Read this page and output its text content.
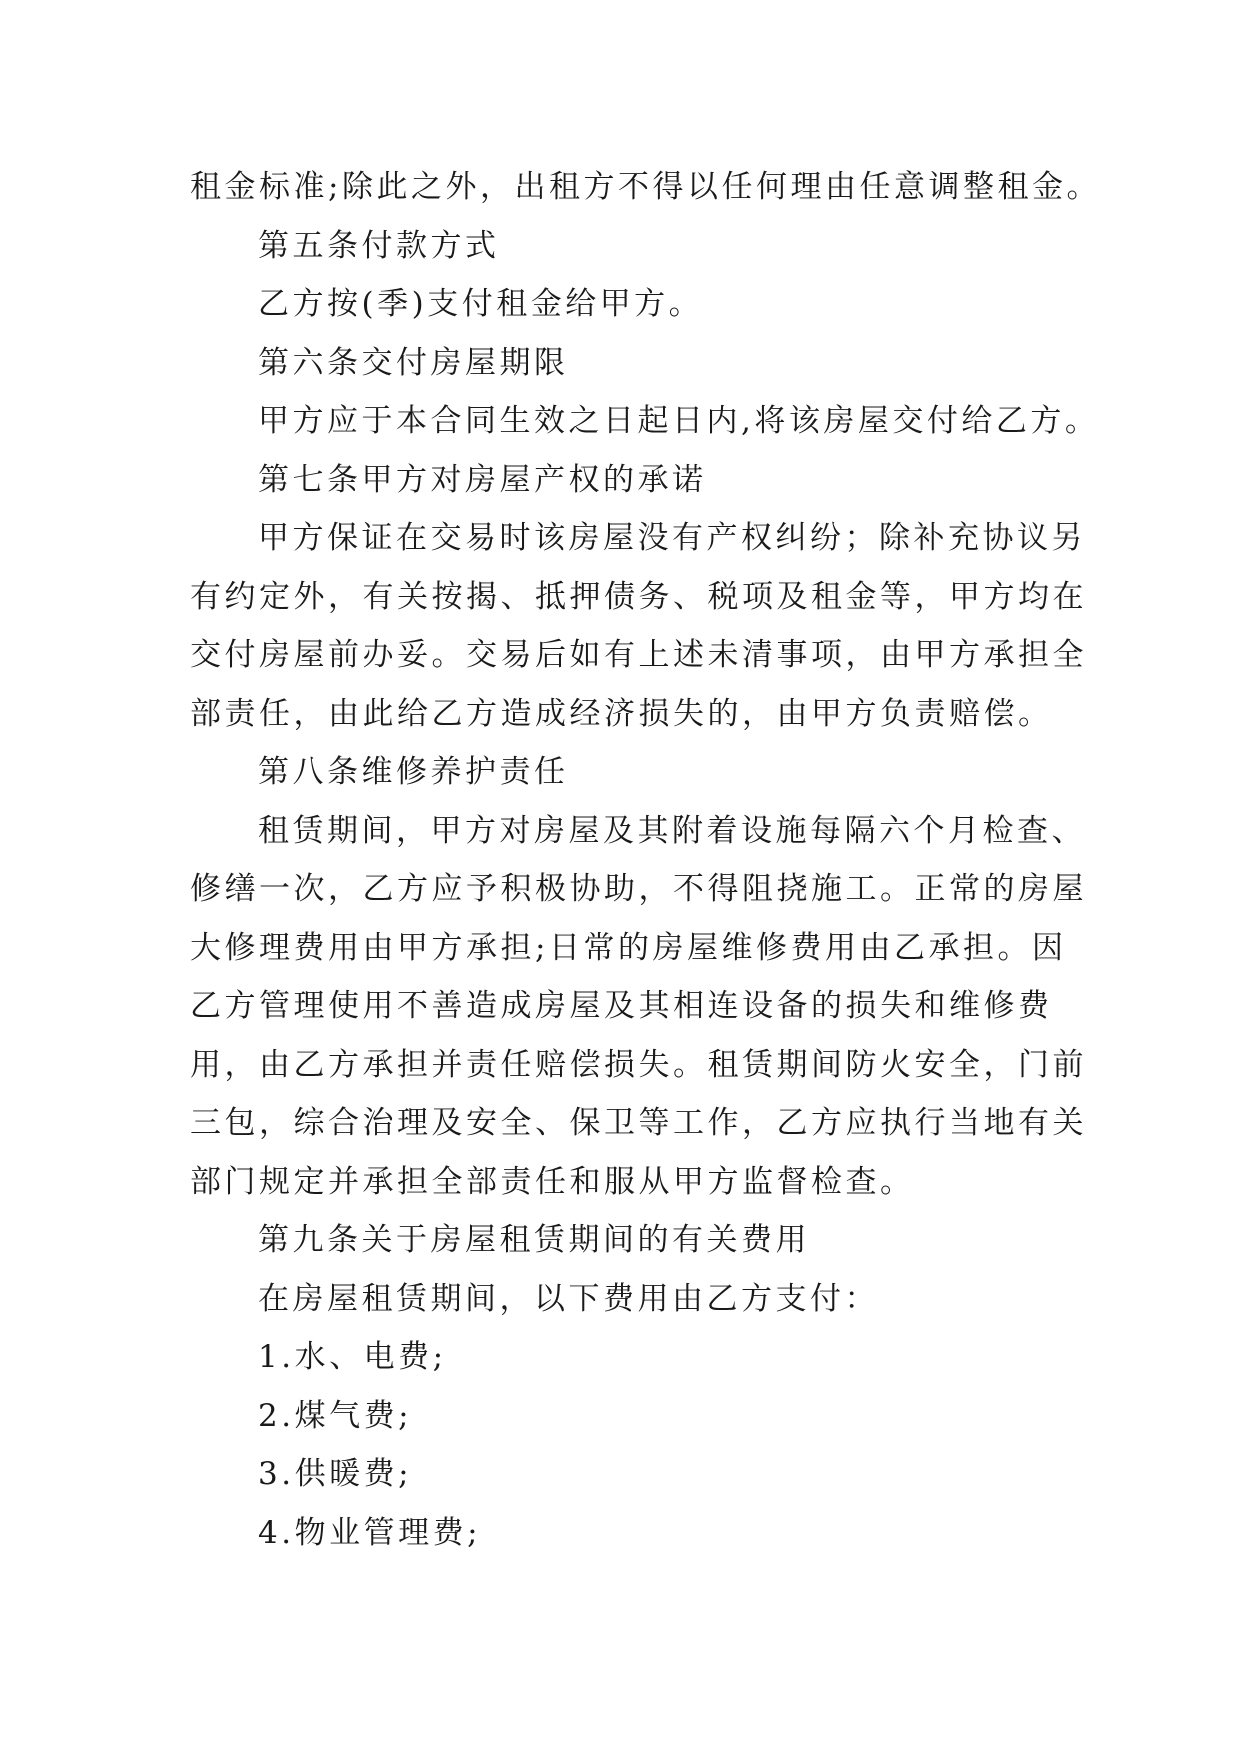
租金标准;除此之外，出租方不得以任何理由任意调整租金。
第五条付款方式
乙方按(季)支付租金给甲方。
第六条交付房屋期限
甲方应于本合同生效之日起日内,将该房屋交付给乙方。
第七条甲方对房屋产权的承诺
甲方保证在交易时该房屋没有产权纠纷；除补充协议另
有约定外，有关按揭、抵押债务、税项及租金等，甲方均在
交付房屋前办妥。交易后如有上述未清事项，由甲方承担全
部责任，由此给乙方造成经济损失的，由甲方负责赔偿。
第八条维修养护责任
租赁期间，甲方对房屋及其附着设施每隔六个月检查、
修缮一次，乙方应予积极协助，不得阻挠施工。正常的房屋
大修理费用由甲方承担;日常的房屋维修费用由乙承担。因
乙方管理使用不善造成房屋及其相连设备的损失和维修费
用，由乙方承担并责任赔偿损失。租赁期间防火安全，门前
三包，综合治理及安全、保卫等工作，乙方应执行当地有关
部门规定并承担全部责任和服从甲方监督检查。
第九条关于房屋租赁期间的有关费用
在房屋租赁期间，以下费用由乙方支付：
1.水、电费;
2.煤气费;
3.供暖费;
4.物业管理费;
